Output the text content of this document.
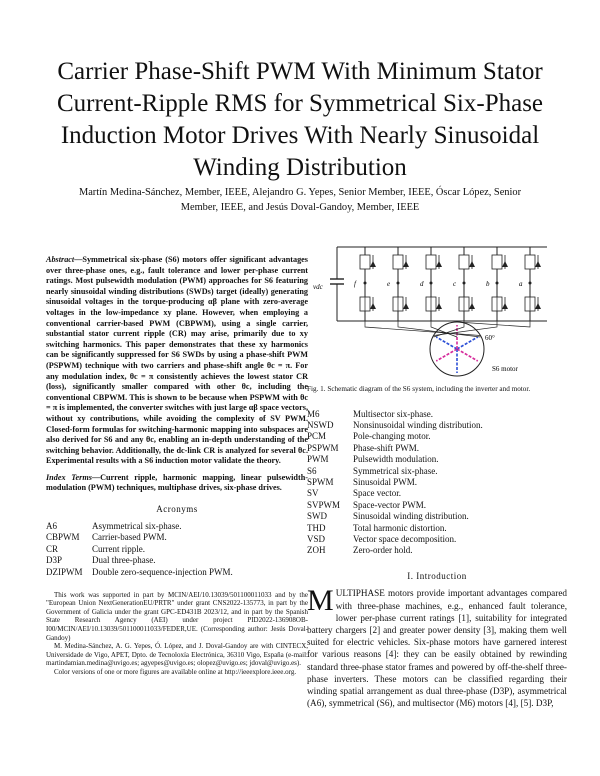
Carrier Phase-Shift PWM With Minimum Stator Current-Ripple RMS for Symmetrical Six-Phase Induction Motor Drives With Nearly Sinusoidal Winding Distribution
Martín Medina-Sánchez, Member, IEEE, Alejandro G. Yepes, Senior Member, IEEE, Óscar López, Senior
Member, IEEE, and Jesús Doval-Gandoy, Member, IEEE
Abstract—Symmetrical six-phase (S6) motors offer significant advantages over three-phase ones, e.g., fault tolerance and lower per-phase current ratings. Most pulsewidth modulation (PWM) approaches for S6 featuring nearly sinusoidal winding distributions (SWDs) target (ideally) generating sinusoidal voltages in the torque-producing αβ plane with zero-average voltages in the low-impedance xy plane. However, when employing a conventional carrier-based PWM (CBPWM), using a single carrier, substantial stator current ripple (CR) may arise, primarily due to xy switching harmonics. This paper demonstrates that these xy harmonics can be significantly suppressed for S6 SWDs by using a phase-shift PWM (PSPWM) technique with two carriers and phase-shift angle θc = π. For any modulation index, θc = π consistently achieves the lowest stator CR (loss), significantly smaller compared with other θc, including the conventional CBPWM. This is shown to be because when PSPWM with θc = π is implemented, the converter switches with just large αβ space vectors, without xy contributions, while avoiding the complexity of SV PWM. Closed-form formulas for switching-harmonic mapping into subspaces are also derived for S6 and any θc, enabling an in-depth understanding of the switching behavior. Additionally, the dc-link CR is analyzed for several θc. Experimental results with a S6 induction motor validate the theory.
Index Terms—Current ripple, harmonic mapping, linear pulsewidth-modulation (PWM) techniques, multiphase drives, six-phase drives.
Acronyms
A6	Asymmetrical six-phase.
CBPWM	Carrier-based PWM.
CR	Current ripple.
D3P	Dual three-phase.
DZIPWM	Double zero-sequence-injection PWM.

This work was supported in part by MCIN/AEI/10.13039/501100011033 and by the "European Union NextGenerationEU/PRTR" under grant CNS2022-135773, in part by the Government of Galicia under the grant GPC-ED431B 2023/12, and in part by the Spanish State Research Agency (AEI) under project PID2022-136908OB-I00/MCIN/AEI/10.13039/501100011033/FEDER,UE. (Corresponding author: Jesús Doval-Gandoy)

M. Medina-Sánchez, A. G. Yepes, Ó. López, and J. Doval-Gandoy are with CINTECX, Universidade de Vigo, APET, Dpto. de Tecnoloxía Electrónica, 36310 Vigo, España (e-mail: martindamian.medina@uvigo.es; agyepes@uvigo.es; olopez@uvigo.es; jdoval@uvigo.es).

Color versions of one or more figures are available online at http://ieeexplore.ieee.org.

vdc	f	e	d	c	b	a
60°
S6 motor
Fig. 1. Schematic diagram of the S6 system, including the inverter and motor.
M6	Multisector six-phase.
NSWD	Nonsinusoidal winding distribution.
PCM	Pole-changing motor.
PSPWM	Phase-shift PWM.
PWM	Pulsewidth modulation.
S6	Symmetrical six-phase.
SPWM	Sinusoidal PWM.
SV	Space vector.
SVPWM	Space-vector PWM.
SWD	Sinusoidal winding distribution.
THD	Total harmonic distortion.
VSD	Vector space decomposition.
ZOH	Zero-order hold.
I. Introduction
MULTIPHASE motors provide important advantages compared with three-phase machines, e.g., enhanced fault tolerance, lower per-phase current ratings [1], suitability for integrated battery chargers [2] and greater power density [3], making them well suited for electric vehicles. Six-phase motors have garnered interest for various reasons [4]: they can be easily obtained by rewinding standard three-phase stator frames and powered by off-the-shelf three-phase inverters. These motors can be classified regarding their winding spatial arrangement as dual three-phase (D3P), asymmetrical (A6), symmetrical (S6), and multisector (M6) motors [4], [5]. D3P,
